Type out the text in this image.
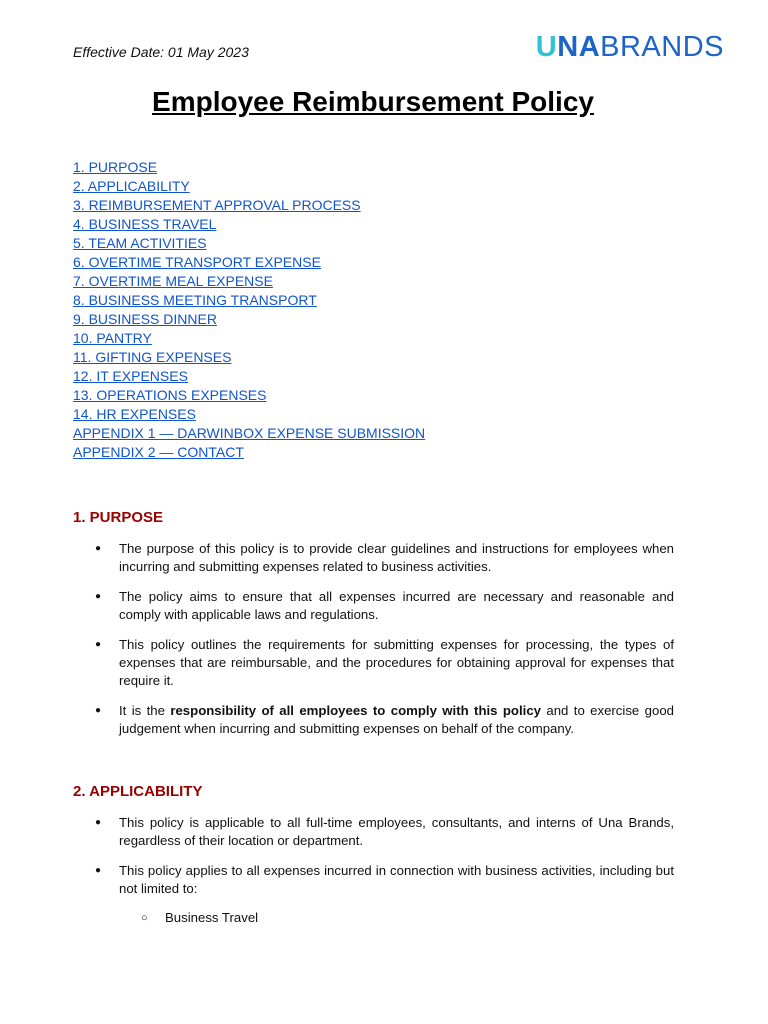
Effective Date: 01 May 2023	UNABRANDS
Employee Reimbursement Policy
1. PURPOSE
2. APPLICABILITY
3. REIMBURSEMENT APPROVAL PROCESS
4. BUSINESS TRAVEL
5. TEAM ACTIVITIES
6. OVERTIME TRANSPORT EXPENSE
7. OVERTIME MEAL EXPENSE
8. BUSINESS MEETING TRANSPORT
9. BUSINESS DINNER
10. PANTRY
11. GIFTING EXPENSES
12. IT EXPENSES
13. OPERATIONS EXPENSES
14. HR EXPENSES
APPENDIX 1 — DARWINBOX EXPENSE SUBMISSION
APPENDIX 2 — CONTACT
1. PURPOSE
● The purpose of this policy is to provide clear guidelines and instructions for employees when incurring and submitting expenses related to business activities.
● The policy aims to ensure that all expenses incurred are necessary and reasonable and comply with applicable laws and regulations.
● This policy outlines the requirements for submitting expenses for processing, the types of expenses that are reimbursable, and the procedures for obtaining approval for expenses that require it.
● It is the responsibility of all employees to comply with this policy and to exercise good judgement when incurring and submitting expenses on behalf of the company.
2. APPLICABILITY
● This policy is applicable to all full-time employees, consultants, and interns of Una Brands, regardless of their location or department.
● This policy applies to all expenses incurred in connection with business activities, including but not limited to:
○ Business Travel
